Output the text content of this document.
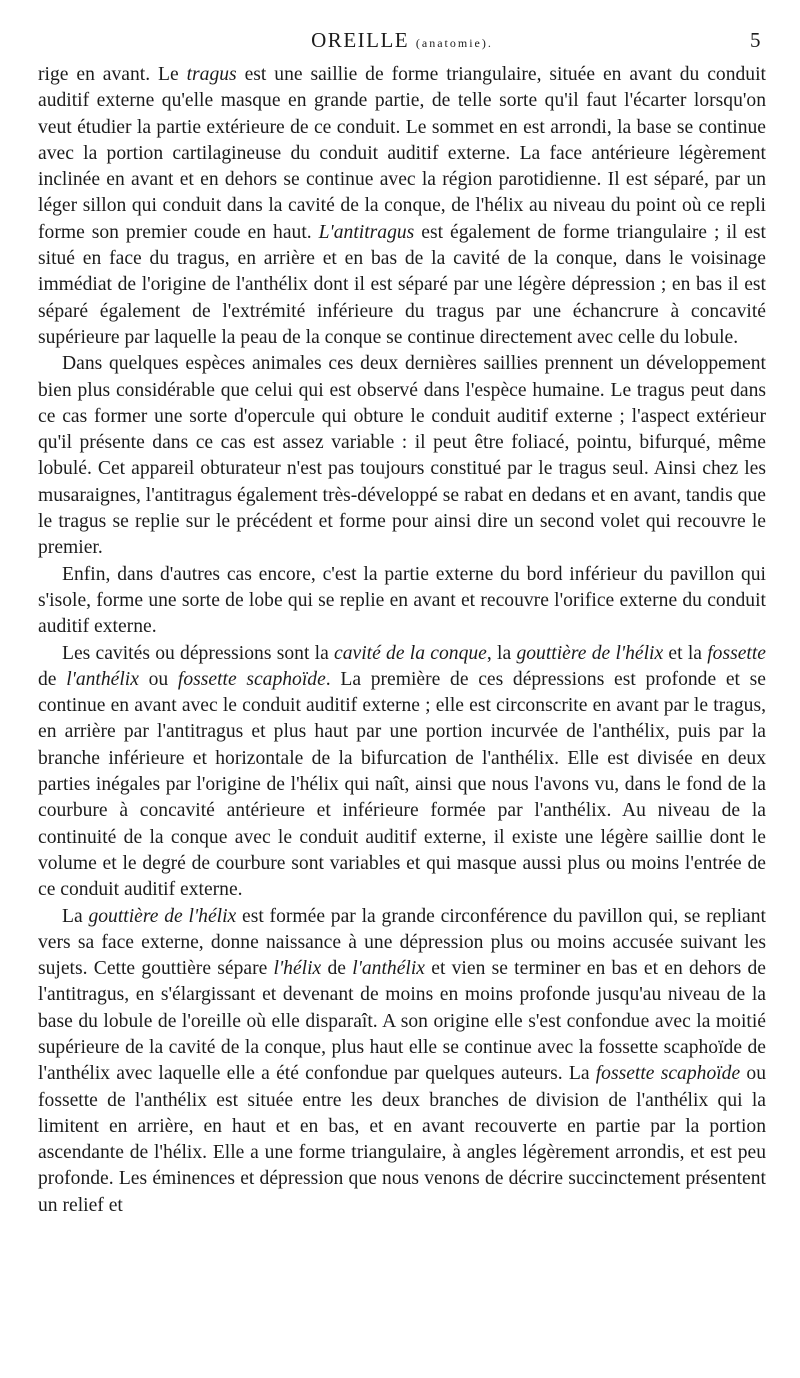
OREILLE (anatomie).	5

rige en avant. Le tragus est une saillie de forme triangulaire, située en avant du conduit auditif externe qu'elle masque en grande partie, de telle sorte qu'il faut l'écarter lorsqu'on veut étudier la partie extérieure de ce conduit. Le sommet en est arrondi, la base se continue avec la portion cartilagineuse du conduit auditif externe. La face antérieure légèrement inclinée en avant et en dehors se continue avec la région parotidienne. Il est séparé, par un léger sillon qui conduit dans la cavité de la conque, de l'hélix au niveau du point où ce repli forme son premier coude en haut. L'antitragus est également de forme triangulaire ; il est situé en face du tragus, en arrière et en bas de la cavité de la conque, dans le voisinage immédiat de l'origine de l'anthélix dont il est séparé par une légère dépression ; en bas il est séparé également de l'extrémité inférieure du tragus par une échancrure à concavité supérieure par laquelle la peau de la conque se continue directement avec celle du lobule.

Dans quelques espèces animales ces deux dernières saillies prennent un développement bien plus considérable que celui qui est observé dans l'espèce humaine. Le tragus peut dans ce cas former une sorte d'opercule qui obture le conduit auditif externe ; l'aspect extérieur qu'il présente dans ce cas est assez variable : il peut être foliacé, pointu, bifurqué, même lobulé. Cet appareil obturateur n'est pas toujours constitué par le tragus seul. Ainsi chez les musaraignes, l'antitragus également très-développé se rabat en dedans et en avant, tandis que le tragus se replie sur le précédent et forme pour ainsi dire un second volet qui recouvre le premier.

Enfin, dans d'autres cas encore, c'est la partie externe du bord inférieur du pavillon qui s'isole, forme une sorte de lobe qui se replie en avant et recouvre l'orifice externe du conduit auditif externe.

Les cavités ou dépressions sont la cavité de la conque, la gouttière de l'hélix et la fossette de l'anthélix ou fossette scaphoïde. La première de ces dépressions est profonde et se continue en avant avec le conduit auditif externe ; elle est circonscrite en avant par le tragus, en arrière par l'antitragus et plus haut par une portion incurvée de l'anthélix, puis par la branche inférieure et horizontale de la bifurcation de l'anthélix. Elle est divisée en deux parties inégales par l'origine de l'hélix qui naît, ainsi que nous l'avons vu, dans le fond de la courbure à concavité antérieure et inférieure formée par l'anthélix. Au niveau de la continuité de la conque avec le conduit auditif externe, il existe une légère saillie dont le volume et le degré de courbure sont variables et qui masque aussi plus ou moins l'entrée de ce conduit auditif externe.

La gouttière de l'hélix est formée par la grande circonférence du pavillon qui, se repliant vers sa face externe, donne naissance à une dépression plus ou moins accusée suivant les sujets. Cette gouttière sépare l'hélix de l'anthélix et vien se terminer en bas et en dehors de l'antitragus, en s'élargissant et devenant de moins en moins profonde jusqu'au niveau de la base du lobule de l'oreille où elle disparaît. A son origine elle s'est confondue avec la moitié supérieure de la cavité de la conque, plus haut elle se continue avec la fossette scaphoïde de l'anthélix avec laquelle elle a été confondue par quelques auteurs. La fossette scaphoïde ou fossette de l'anthélix est située entre les deux branches de division de l'anthélix qui la limitent en arrière, en haut et en bas, et en avant recouverte en partie par la portion ascendante de l'hélix. Elle a une forme triangulaire, à angles légèrement arrondis, et est peu profonde. Les éminences et dépression que nous venons de décrire succinctement présentent un relief et
